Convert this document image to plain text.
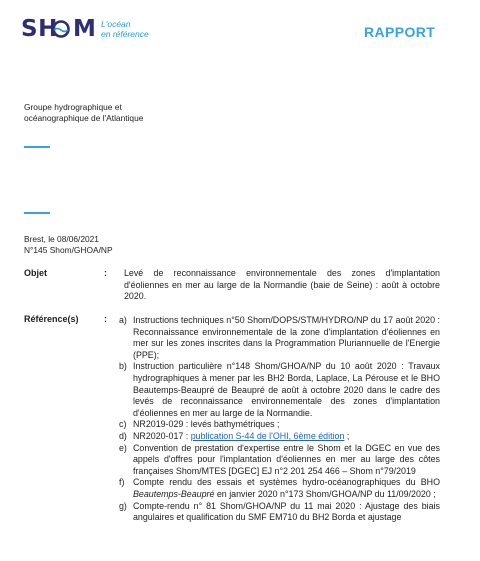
SH M L'océan
en référence	RAPPORT
Groupe hydrographique et
océanographique de l'Atlantique
Brest, le 08/06/2021
N°145 Shom/GHOA/NP
Objet	: Levé de reconnaissance environnementale des zones d'implantation d'éoliennes en mer au large de la Normandie (baie de Seine) : août à octobre 2020.
Référence(s)	: a) Instructions techniques n°50 Shom/DOPS/STM/HYDRO/NP du 17 août 2020 : Reconnaissance environnementale de la zone d'implantation d'éoliennes en mer sur les zones inscrites dans la Programmation Pluriannuelle de l'Energie (PPE);
b) Instruction particulière n°148 Shom/GHOA/NP du 10 août 2020 : Travaux hydrographiques à mener par les BH2 Borda, Laplace, La Pérouse et le BHO Beautemps-Beaupré de Beaupré de août à octobre 2020 dans le cadre des levés de reconnaissance environnementale des zones d'implantation d'éoliennes en mer au large de la Normandie.
c) NR2019-029 : levés bathymétriques ;
d) NR2020-017 : publication S-44 de l'OHI, 6ème édition ;
e) Convention de prestation d'expertise entre le Shom et la DGEC en vue des appels d'offres pour l'implantation d'éoliennes en mer au large des côtes françaises Shom/MTES [DGEC] EJ n°2 201 254 466 – Shom n°79/2019
f) Compte rendu des essais et systèmes hydro-océanographiques du BHO Beautemps-Beaupré en janvier 2020 n°173 Shom/GHOA/NP du 11/09/2020 ;
g) Compte-rendu n° 81 Shom/GHOA/NP du 11 mai 2020 : Ajustage des biais angulaires et qualification du SMF EM710 du BH2 Borda et ajustage
